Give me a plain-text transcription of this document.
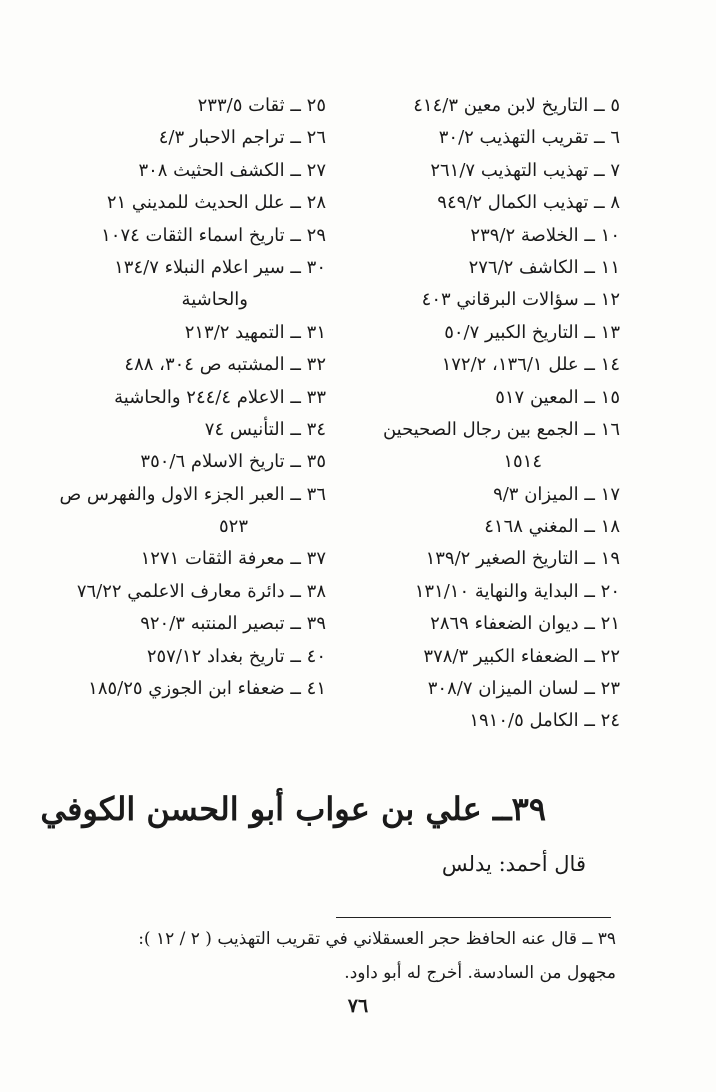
٥ ــ التاريخ لابن معين ٤١٤/٣
٦ ــ تقريب التهذيب ٣٠/٢
٧ ــ تهذيب التهذيب ٢٦١/٧
٨ ــ تهذيب الكمال ٩٤٩/٢
١٠ ــ الخلاصة ٢٣٩/٢
١١ ــ الكاشف ٢٧٦/٢
١٢ ــ سؤالات البرقاني ٤٠٣
١٣ ــ التاريخ الكبير ٥٠/٧
١٤ ــ علل ١٣٦/١، ١٧٢/٢
١٥ ــ المعين ٥١٧
١٦ ــ الجمع بين رجال الصحيحين
١٥١٤
١٧ ــ الميزان ٩/٣
١٨ ــ المغني ٤١٦٨
١٩ ــ التاريخ الصغير ١٣٩/٢
٢٠ ــ البداية والنهاية ١٣١/١٠
٢١ ــ ديوان الضعفاء ٢٨٦٩
٢٢ ــ الضعفاء الكبير ٣٧٨/٣
٢٣ ــ لسان الميزان ٣٠٨/٧
٢٤ ــ الكامل ١٩١٠/٥
٢٥ ــ ثقات ٢٣٣/٥
٢٦ ــ تراجم الاحبار ٤/٣
٢٧ ــ الكشف الحثيث ٣٠٨
٢٨ ــ علل الحديث للمديني ٢١
٢٩ ــ تاريخ اسماء الثقات ١٠٧٤
٣٠ ــ سير اعلام النبلاء ١٣٤/٧
والحاشية
٣١ ــ التمهيد ٢١٣/٢
٣٢ ــ المشتبه ص ٣٠٤، ٤٨٨
٣٣ ــ الاعلام ٢٤٤/٤ والحاشية
٣٤ ــ التأنيس ٧٤
٣٥ ــ تاريخ الاسلام ٣٥٠/٦
٣٦ ــ العبر الجزء الاول والفهرس ص
٥٢٣
٣٧ ــ معرفة الثقات ١٢٧١
٣٨ ــ دائرة معارف الاعلمي ٧٦/٢٢
٣٩ ــ تبصير المنتبه ٩٢٠/٣
٤٠ ــ تاريخ بغداد ٢٥٧/١٢
٤١ ــ ضعفاء ابن الجوزي ١٨٥/٢٥
٣٩ــ علي بن عواب أبو الحسن الكوفي
قال أحمد: يدلس

٣٩ ــ قال عنه الحافظ حجر العسقلاني في تقريب التهذيب ( ٢ / ١٢ ):

مجهول من السادسة. أخرج له أبو داود.

٧٦
